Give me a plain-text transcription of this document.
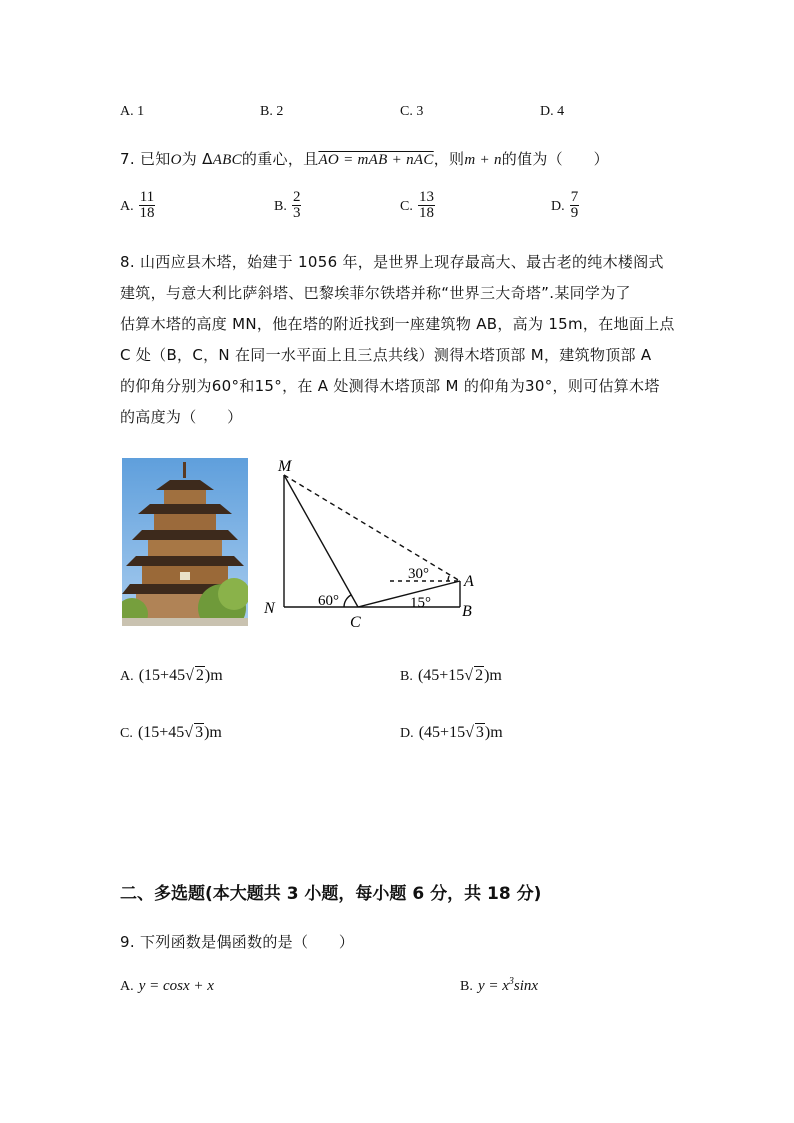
A. 1	B. 2	C. 3	D. 4
7. 已知O为 ΔABC的重心，且AO = mAB + nAC，则m + n的值为（　　）
A. $\frac{11}{18}$	B. $\frac{2}{3}$	C. $\frac{13}{18}$	D. $\frac{7}{9}$
8. 山西应县木塔，始建于 1056 年，是世界上现存最高大、最古老的纯木楼阁式
建筑，与意大利比萨斜塔、巴黎埃菲尔铁塔并称“世界三大奇塔”.某同学为了
估算木塔的高度 MN，他在塔的附近找到一座建筑物 AB，高为 15m，在地面上点
C 处（B，C，N 在同一水平面上且三点共线）测得木塔顶部 M，建筑物顶部 A
的仰角分别为60°和15°，在 A 处测得木塔顶部 M 的仰角为30°，则可估算木塔
的高度为（　　）
M
N
C
A
B
60°	15°
30°
A. (15+45√ 2)m	B. (45+15√ 2)m
C. (15+45√ 3)m	D. (45+15√ 3)m
二、多选题(本大题共 3 小题，每小题 6 分，共 18 分)
9. 下列函数是偶函数的是（　　）
A. y = cosx + x	B. $y = x^3\sin x$
